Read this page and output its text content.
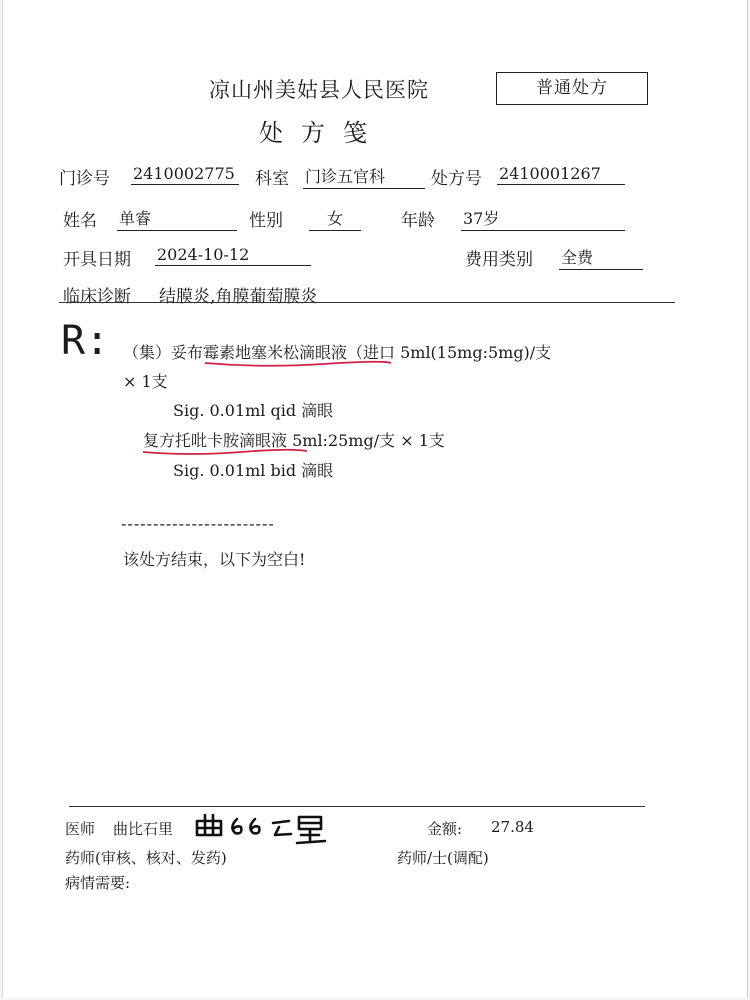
凉山州美姑县人民医院	普通处方
处方笺
门诊号 2410002775 科室 门诊五官科	处方号 2410001267
姓名 单睿	性别	女	年龄 37岁
开具日期 2024-10-12	费用类别 全费
临床诊断 结膜炎,角膜葡萄膜炎
R: （集）妥布霉素地塞米松滴眼液（进口 5ml(15mg:5mg)/支
× 1支
Sig. 0.01ml qid 滴眼
复方托吡卡胺滴眼液 5ml:25mg/支 × 1支
Sig. 0.01ml bid 滴眼
------------------------
该处方结束，以下为空白!
医师 曲比石里	金额: 27.84
药师(审核、核对、发药)	药师/士(调配)
病情需要:
